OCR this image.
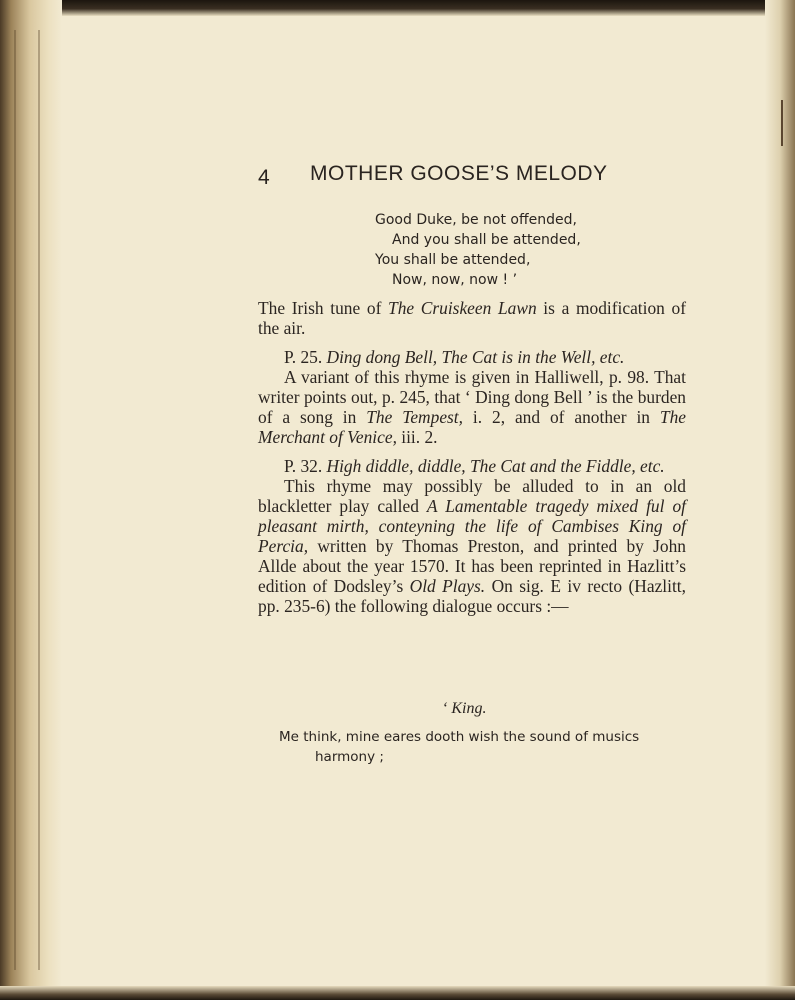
4 MOTHER GOOSE’S MELODY
Good Duke, be not offended,
And you shall be attended,
You shall be attended,
Now, now, now ! ’

The Irish tune of The Cruiskeen Lawn is a modification of the air.

P. 25. Ding dong Bell, The Cat is in the Well, etc.

A variant of this rhyme is given in Halliwell, p. 98. That writer points out, p. 245, that ‘ Ding dong Bell ’ is the burden of a song in The Tempest, i. 2, and of another in The Merchant of Venice, iii. 2.

P. 32. High diddle, diddle, The Cat and the Fiddle, etc.

This rhyme may possibly be alluded to in an old blackletter play called A Lamentable tragedy mixed ful of pleasant mirth, conteyning the life of Cambises King of Percia, written by Thomas Preston, and printed by John Allde about the year 1570. It has been reprinted in Hazlitt’s edition of Dodsley’s Old Plays. On sig. E iv recto (Hazlitt, pp. 235-6) the following dialogue occurs :—

‘ King.
Me think, mine eares dooth wish the sound of musics
harmony ;
